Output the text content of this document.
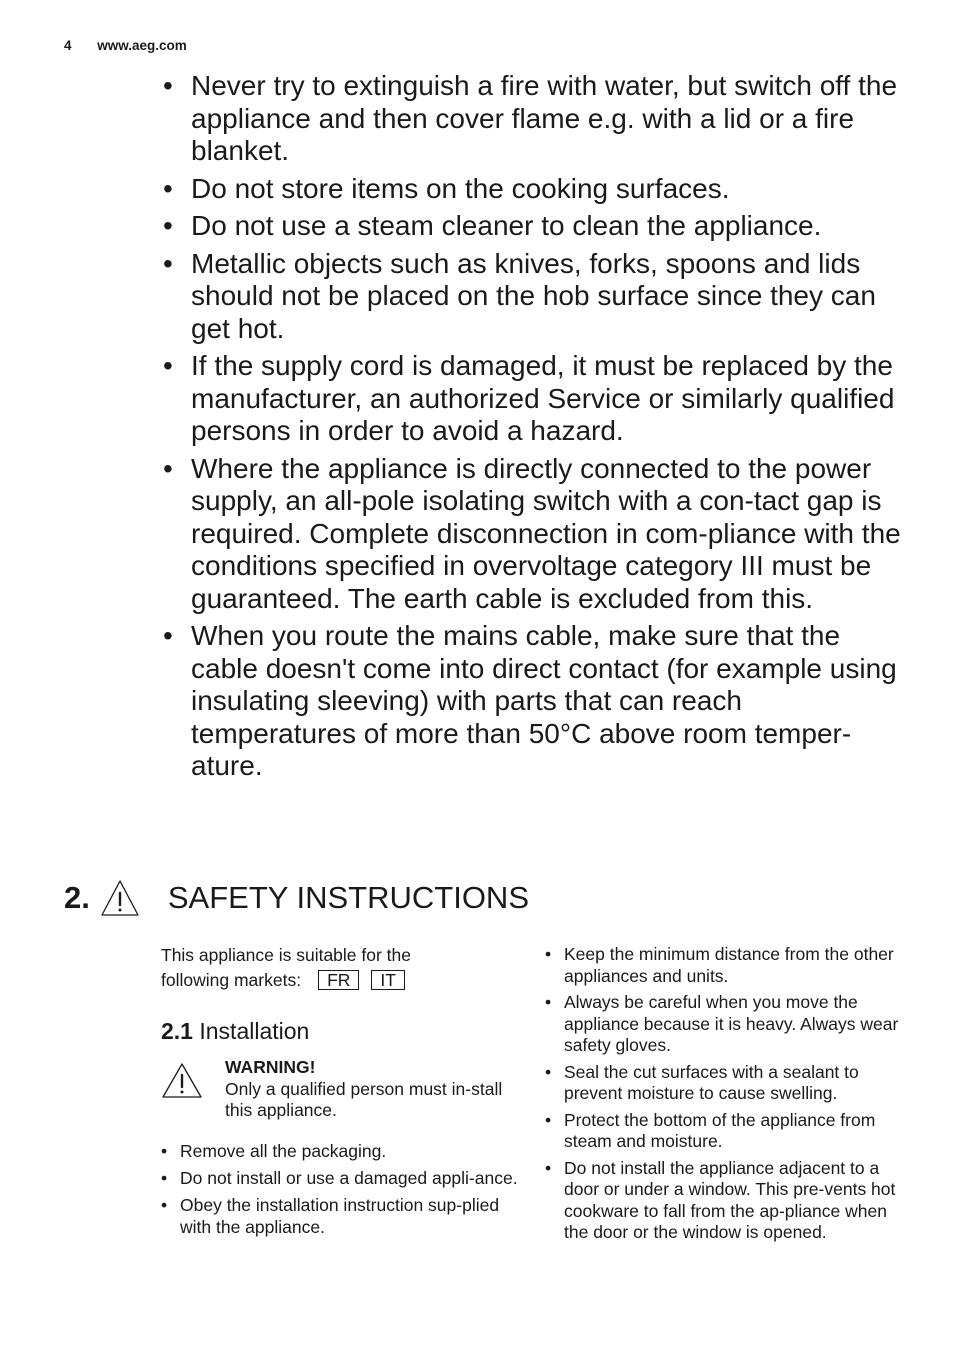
4 www.aeg.com
• Never try to extinguish a fire with water, but switch off the appliance and then cover flame e.g. with a lid or a fire blanket.
• Do not store items on the cooking surfaces.
• Do not use a steam cleaner to clean the appliance.
• Metallic objects such as knives, forks, spoons and lids should not be placed on the hob surface since they can get hot.
• If the supply cord is damaged, it must be replaced by the manufacturer, an authorized Service or similarly qualified persons in order to avoid a hazard.
• Where the appliance is directly connected to the power supply, an all-pole isolating switch with a con-tact gap is required. Complete disconnection in com-pliance with the conditions specified in overvoltage category III must be guaranteed. The earth cable is excluded from this.
• When you route the mains cable, make sure that the cable doesn't come into direct contact (for example using insulating sleeving) with parts that can reach temperatures of more than 50°C above room temper-ature.
2.	SAFETY INSTRUCTIONS
This appliance is suitable for the
following markets:	FR	IT
2.1 Installation
WARNING!
Only a qualified person must in-stall this appliance.
• Remove all the packaging.
• Do not install or use a damaged appli-ance.
• Obey the installation instruction sup-plied with the appliance.
• Keep the minimum distance from the other appliances and units.
• Always be careful when you move the appliance because it is heavy. Always wear safety gloves.
• Seal the cut surfaces with a sealant to prevent moisture to cause swelling.
• Protect the bottom of the appliance from steam and moisture.
• Do not install the appliance adjacent to a door or under a window. This pre-vents hot cookware to fall from the ap-pliance when the door or the window is opened.
